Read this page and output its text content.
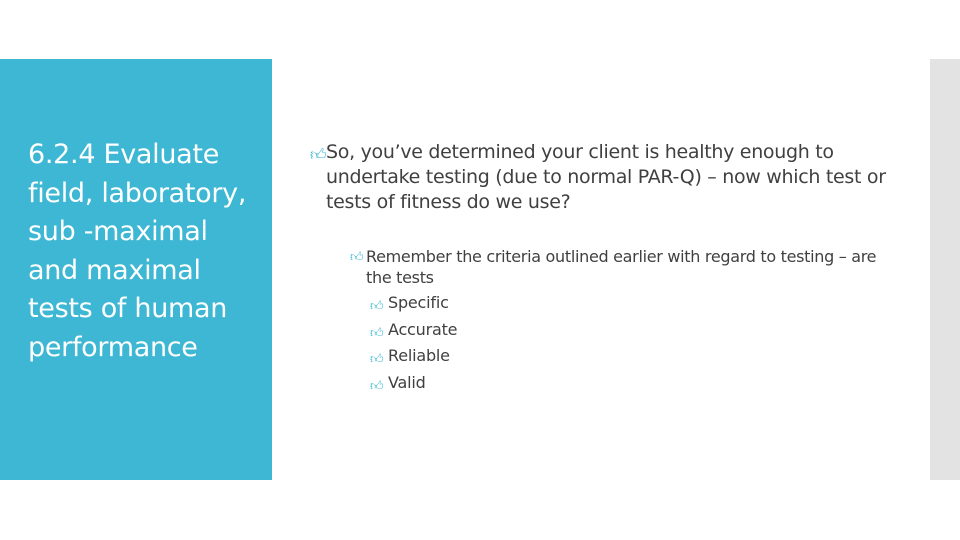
6.2.4 Evaluate field, laboratory, sub -maximal and maximal tests of human performance
👍︎ So, you’ve determined your client is healthy enough to undertake testing (due to normal PAR-Q) – now which test or tests of fitness do we use?
👍︎ Remember the criteria outlined earlier with regard to testing – are the tests
👍︎ Specific
👍︎ Accurate
👍︎ Reliable
👍︎ Valid
